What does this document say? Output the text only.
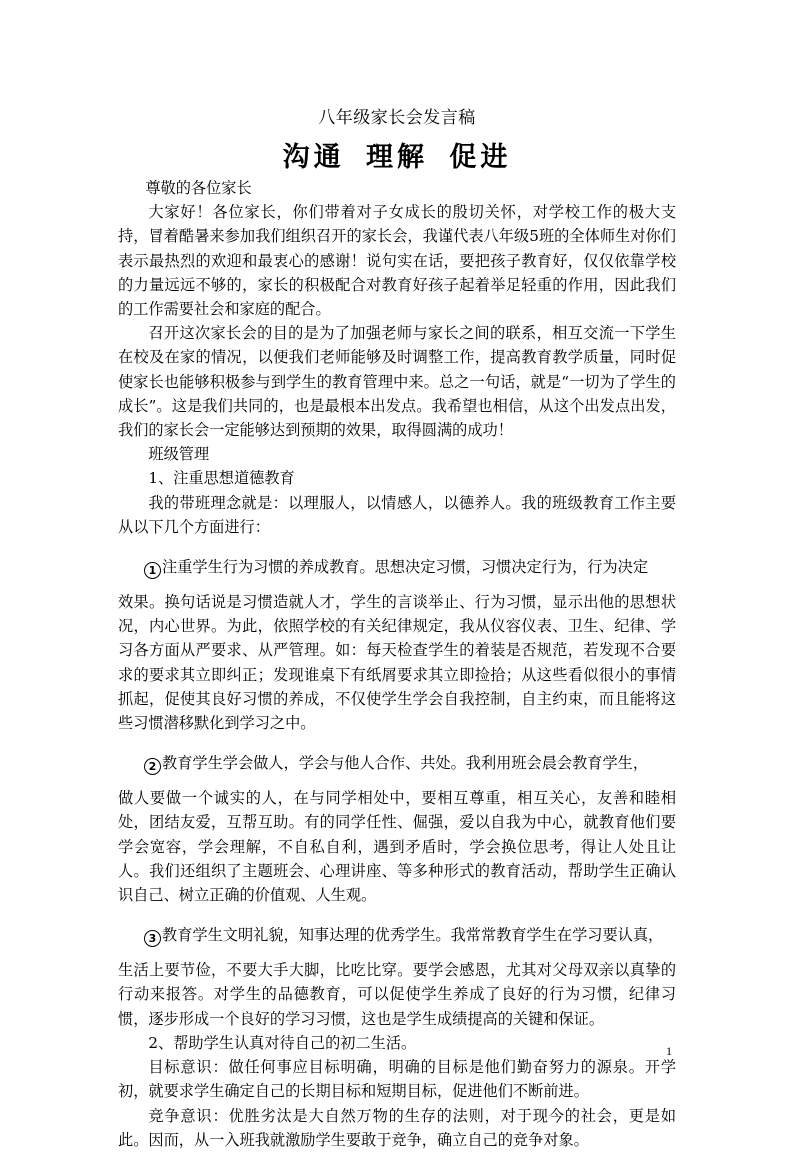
八年级家长会发言稿
沟通 理解 促进

尊敬的各位家长

大家好！各位家长，你们带着对子女成长的殷切关怀，对学校工作的极大支持，冒着酷暑来参加我们组织召开的家长会，我谨代表八年级5班的全体师生对你们表示最热烈的欢迎和最衷心的感谢！说句实在话，要把孩子教育好，仅仅依靠学校的力量远远不够的，家长的积极配合对教育好孩子起着举足轻重的作用，因此我们的工作需要社会和家庭的配合。

召开这次家长会的目的是为了加强老师与家长之间的联系，相互交流一下学生在校及在家的情况，以便我们老师能够及时调整工作，提高教育教学质量，同时促使家长也能够积极参与到学生的教育管理中来。总之一句话，就是“一切为了学生的成长”。这是我们共同的，也是最根本出发点。我希望也相信，从这个出发点出发，我们的家长会一定能够达到预期的效果，取得圆满的成功！

班级管理

1、注重思想道德教育

我的带班理念就是：以理服人，以情感人，以德养人。我的班级教育工作主要从以下几个方面进行：

1 注重学生行为习惯的养成教育。思想决定习惯，习惯决定行为，行为决定
效果。换句话说是习惯造就人才，学生的言谈举止、行为习惯，显示出他的思想状况，内心世界。为此，依照学校的有关纪律规定，我从仪容仪表、卫生、纪律、学习各方面从严要求、从严管理。如：每天检查学生的着装是否规范，若发现不合要求的要求其立即纠正；发现谁桌下有纸屑要求其立即捡拾；从这些看似很小的事情抓起，促使其良好习惯的养成，不仅使学生学会自我控制，自主约束，而且能将这些习惯潜移默化到学习之中。
2 教育学生学会做人，学会与他人合作、共处。我利用班会晨会教育学生，
做人要做一个诚实的人，在与同学相处中，要相互尊重，相互关心，友善和睦相处，团结友爱，互帮互助。有的同学任性、倔强，爱以自我为中心，就教育他们要学会宽容，学会理解，不自私自利，遇到矛盾时，学会换位思考，得让人处且让人。我们还组织了主题班会、心理讲座、等多种形式的教育活动，帮助学生正确认识自己、树立正确的价值观、人生观。
3 教育学生文明礼貌，知事达理的优秀学生。我常常教育学生在学习要认真，
生活上要节俭，不要大手大脚，比吃比穿。要学会感恩，尤其对父母双亲以真挚的行动来报答。对学生的品德教育，可以促使学生养成了良好的行为习惯，纪律习惯，逐步形成一个良好的学习习惯，这也是学生成绩提高的关键和保证。

2、帮助学生认真对待自己的初二生活。

目标意识：做任何事应目标明确，明确的目标是他们勤奋努力的源泉。开学初，就要求学生确定自己的长期目标和短期目标，促进他们不断前进。

竞争意识：优胜劣汰是大自然万物的生存的法则，对于现今的社会，更是如此。因而，从一入班我就激励学生要敢于竞争，确立自己的竞争对象。

1
